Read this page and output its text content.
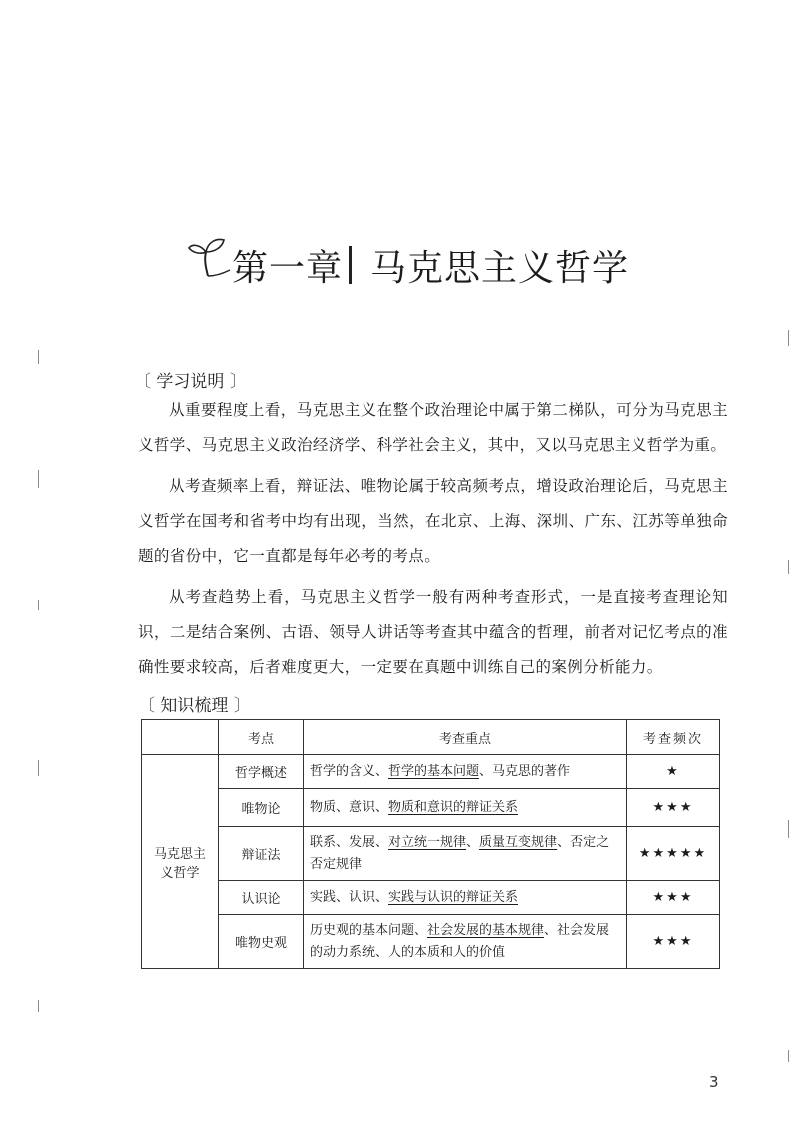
第一章 马克思主义哲学
〔 学习说明 〕

从重要程度上看，马克思主义在整个政治理论中属于第二梯队，可分为马克思主义哲学、马克思主义政治经济学、科学社会主义，其中，又以马克思主义哲学为重。

从考查频率上看，辩证法、唯物论属于较高频考点，增设政治理论后，马克思主义哲学在国考和省考中均有出现，当然，在北京、上海、深圳、广东、江苏等单独命题的省份中，它一直都是每年必考的考点。

从考查趋势上看，马克思主义哲学一般有两种考查形式，一是直接考查理论知识，二是结合案例、古语、领导人讲话等考查其中蕴含的哲理，前者对记忆考点的准确性要求较高，后者难度更大，一定要在真题中训练自己的案例分析能力。

〔 知识梳理 〕
	考点	考查重点	考查频次
马克思主义哲学	哲学概述	哲学的含义、哲学的基本问题、马克思的著作	★
	唯物论	物质、意识、物质和意识的辩证关系	★★★
	辩证法	联系、发展、对立统一规律、质量互变规律、否定之否定规律	★★★★★
	认识论	实践、认识、实践与认识的辩证关系	★★★
	唯物史观	历史观的基本问题、社会发展的基本规律、社会发展的动力系统、人的本质和人的价值	★★★
3
